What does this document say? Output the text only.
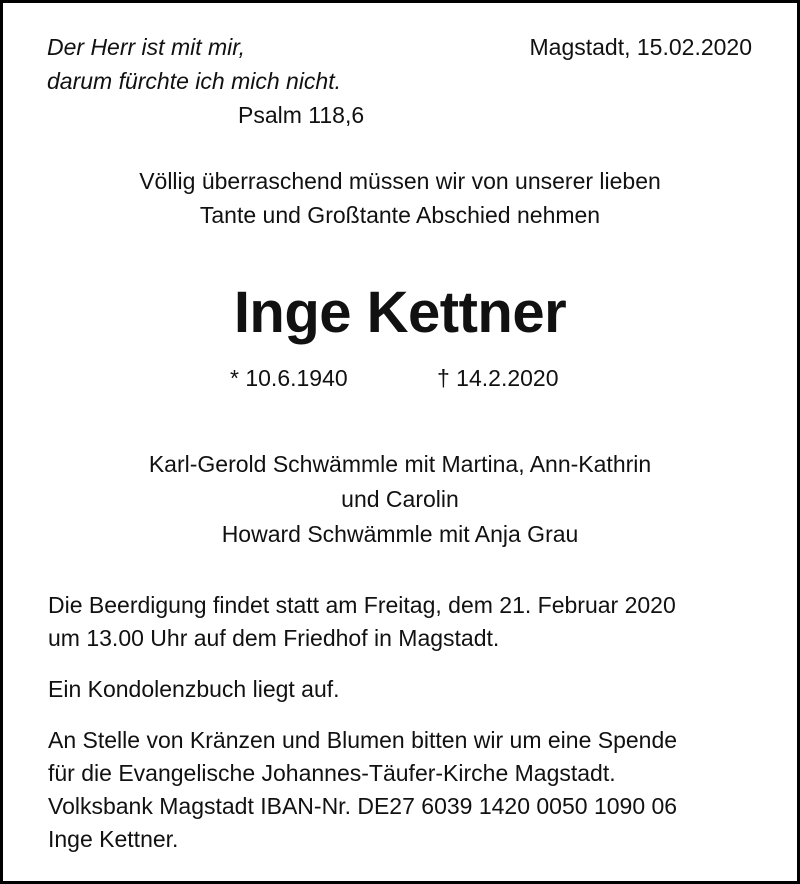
Der Herr ist mit mir,
darum fürchte ich mich nicht.
Psalm 118,6
Magstadt, 15.02.2020
Völlig überraschend müssen wir von unserer lieben
Tante und Großtante Abschied nehmen
Inge Kettner
* 10.6.1940	† 14.2.2020
Karl-Gerold Schwämmle mit Martina, Ann-Kathrin
und Carolin
Howard Schwämmle mit Anja Grau
Die Beerdigung findet statt am Freitag, dem 21. Februar 2020
um 13.00 Uhr auf dem Friedhof in Magstadt.
Ein Kondolenzbuch liegt auf.
An Stelle von Kränzen und Blumen bitten wir um eine Spende
für die Evangelische Johannes-Täufer-Kirche Magstadt.
Volksbank Magstadt IBAN-Nr. DE27 6039 1420 0050 1090 06
Inge Kettner.
